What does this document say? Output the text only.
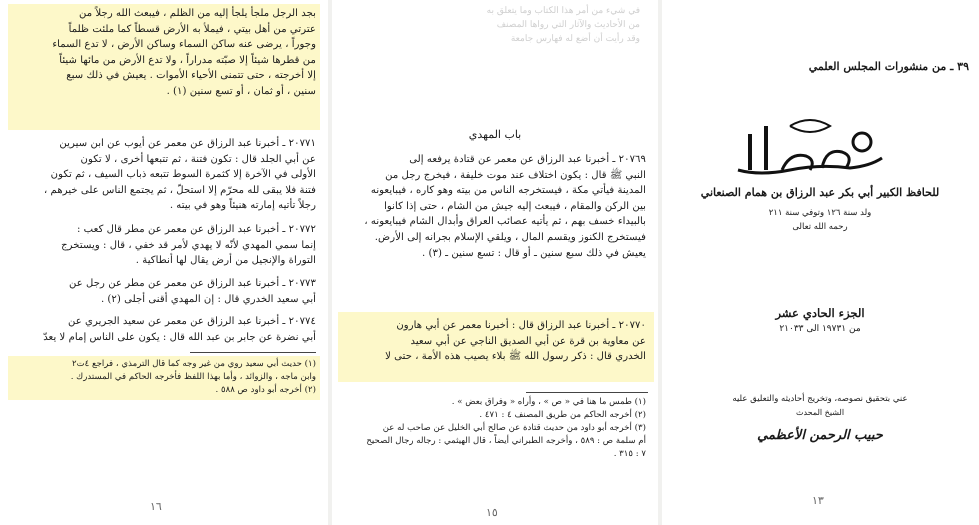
بجد الرجل ملجأ يلجأ إليه من الظلم ، فيبعث الله رجلاً من

عترتي من أهل بيتي ، فيملأ به الأرض قسطاً كما ملئت ظلماً

وجوراً ، يرضى عنه ساكن السماء وساكن الأرض ، لا تدع السماء

من قطرها شيئاً إلا صبّته مدراراً ، ولا تدع الأرض من مائها شيئاً

إلا أخرجته ، حتى تتمنى الأحياء الأموات . يعيش في ذلك سبع

سنين ، أو ثمان ، أو تسع سنين (١) .

٢٠٧٧١ ـ أخبرنا عبد الرزاق عن معمر عن أيوب عن ابن سيرين

عن أبي الجلد قال : تكون فتنة ، ثم تتبعها أخرى ، لا تكون

الأولى في الآخرة إلا كثمرة السوط تتبعه ذباب السيف ، ثم تكون

فتنة فلا يبقى لله محرّم إلا استحلّ ، ثم يجتمع الناس على خيرهم ،

رجلاً تأتيه إمارته هنيئاً وهو في بيته .

٢٠٧٧٢ ـ أخبرنا عبد الرزاق عن معمر عن مطر قال كعب :

إنما سمي المهدي لأنّه لا يهدي لأمر قد خفي ، قال : ويستخرج

التوراة والإنجيل من أرض يقال لها أنطاكية .

٢٠٧٧٣ ـ أخبرنا عبد الرزاق عن معمر عن مطر عن رجل عن

أبي سعيد الخدري قال : إن المهدي أقنى أجلى (٢) .

٢٠٧٧٤ ـ أخبرنا عبد الرزاق عن معمر عن سعيد الجريري عن

أبي نضرة عن جابر بن عبد الله قال : يكون على الناس إمام لا يعدّ

(١) حديث أبي سعيد روي من غير وجه كما قال الترمذي ، فراجع ٤ت٢

وابن ماجه ، والزوائد ، وأما بهذا اللفظ فأخرجه الحاكم في المستدرك .

(٢) أخرجه أبو داود ص ٥٨٨ .

١٦
في شيء من أمر هذا الكتاب وما يتعلق به
من الأحاديث والآثار التي رواها المصنف
وقد رأيت أن أضع له فهارس جامعة
باب المهدي

٢٠٧٦٩ ـ أخبرنا عبد الرزاق عن معمر عن قتادة يرفعه إلى

النبي ﷺ قال : يكون اختلاف عند موت خليفة ، فيخرج رجل من

المدينة فيأتي مكة ، فيستخرجه الناس من بيته وهو كاره ، فيبايعونه

بين الركن والمقام ، فيبعث إليه جيش من الشام ، حتى إذا كانوا

بالبيداء خسف بهم ، ثم يأتيه عصائب العراق وأبدال الشام فيبايعونه ،

فيستخرج الكنوز ويقسم المال ، ويلقي الإسلام بجرانه إلى الأرض.

يعيش في ذلك سبع سنين ـ أو قال : تسع سنين ـ (٣) .

٢٠٧٧٠ ـ أخبرنا عبد الرزاق قال : أخبرنا معمر عن أبي هارون

عن معاوية بن قرة عن أبي الصديق الناجي عن أبي سعيد

الخدري قال : ذكر رسول الله ﷺ بلاء يصيب هذه الأمة ، حتى لا

(١) طمس ما هنا في « ص » ، وأراه « وفراق بعض » .

(٢) أخرجه الحاكم من طريق المصنف ٤ : ٤٧١ .

(٣) أخرجه أبو داود من حديث قتادة عن صالح أبي الخليل عن صاحب له عن

أم سلمة ص : ٥٨٩ ، وأخرجه الطبراني أيضاً ، قال الهيثمي : رجاله رجال الصحيح

٧ : ٣١٥ .

١٥
٣٩ ـ من منشورات المجلس العلمي
للحافظ الكبير أبي بكر عبد الرزاق بن همام الصنعاني
ولد سنة ١٢٦ وتوفي سنة ٢١١
رحمه الله تعالى
الجزء الحادي عشر
من ١٩٧٣١ الى ٢١٠٣٣
عني بتحقيق نصوصه، وتخريج أحاديثه والتعليق عليه
الشيخ المحدث
حبيب الرحمن الأعظمي
١٣
